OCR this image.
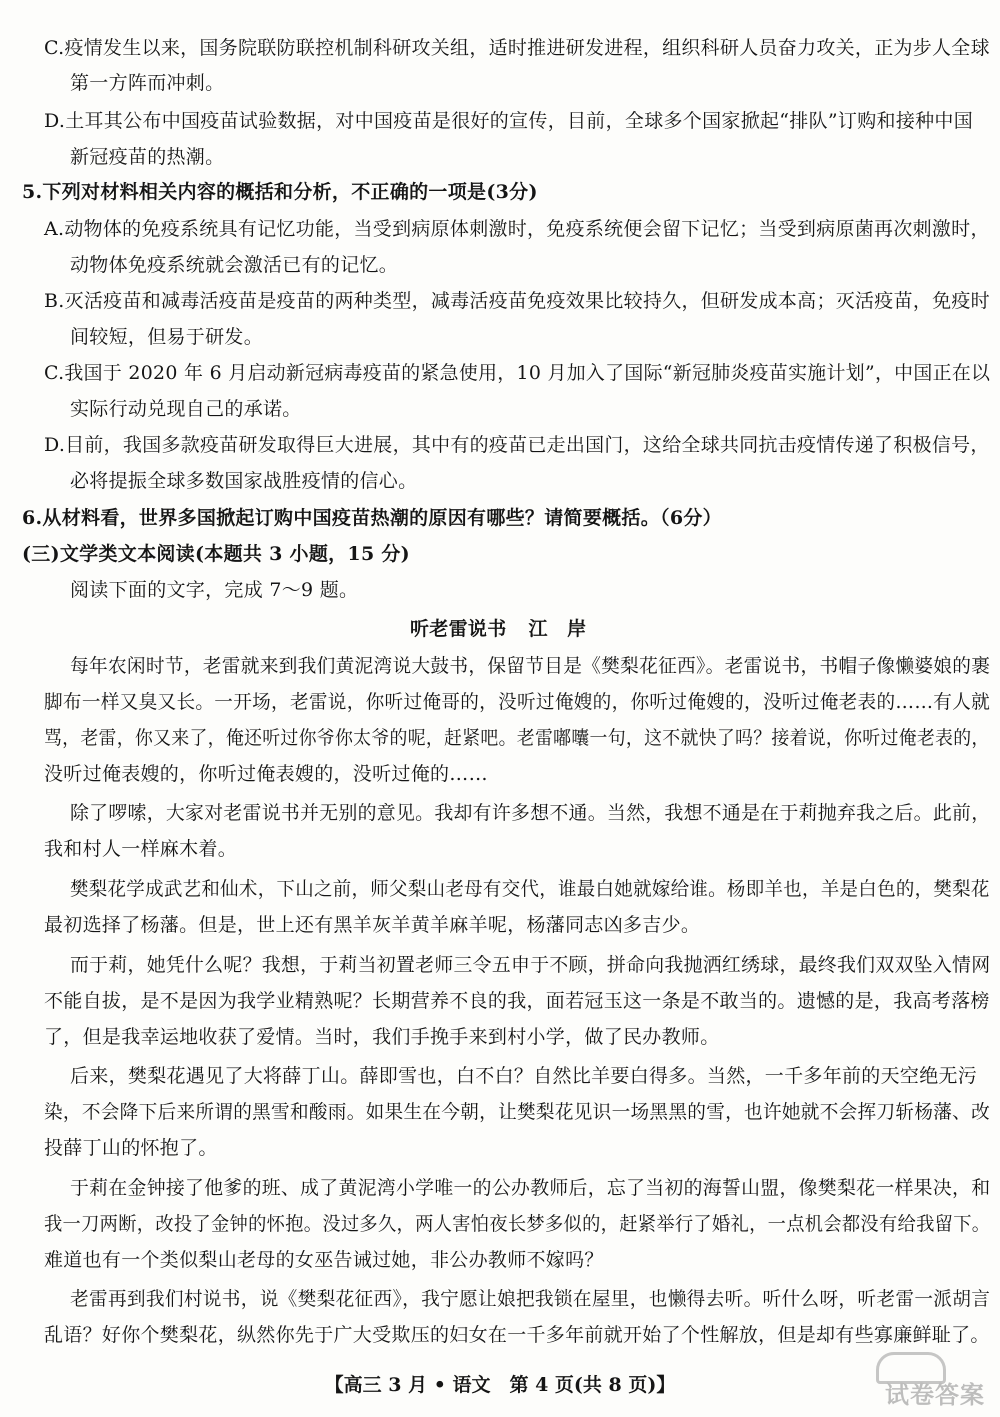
C.疫情发生以来，国务院联防联控机制科研攻关组，适时推进研发进程，组织科研人员奋力攻关，正为步人全球
第一方阵而冲刺。
D.土耳其公布中国疫苗试验数据，对中国疫苗是很好的宣传，目前，全球多个国家掀起“排队”订购和接种中国
新冠疫苗的热潮。
5.下列对材料相关内容的概括和分析，不正确的一项是(3分)
A.动物体的免疫系统具有记忆功能，当受到病原体刺激时，免疫系统便会留下记忆；当受到病原菌再次刺激时，
动物体免疫系统就会激活已有的记忆。
B.灭活疫苗和减毒活疫苗是疫苗的两种类型，减毒活疫苗免疫效果比较持久，但研发成本高；灭活疫苗，免疫时
间较短，但易于研发。
C.我国于 2020 年 6 月启动新冠病毒疫苗的紧急使用，10 月加入了国际“新冠肺炎疫苗实施计划”，中国正在以
实际行动兑现自己的承诺。
D.目前，我国多款疫苗研发取得巨大进展，其中有的疫苗已走出国门，这给全球共同抗击疫情传递了积极信号，
必将提振全球多数国家战胜疫情的信心。
6.从材料看，世界多国掀起订购中国疫苗热潮的原因有哪些？请简要概括。（6分）
(三)文学类文本阅读(本题共 3 小题，15 分)
阅读下面的文字，完成 7～9 题。
听老雷说书 江　岸
每年农闲时节，老雷就来到我们黄泥湾说大鼓书，保留节目是《樊梨花征西》。老雷说书，书帽子像懒婆娘的裹
脚布一样又臭又长。一开场，老雷说，你听过俺哥的，没听过俺嫂的，你听过俺嫂的，没听过俺老表的……有人就
骂，老雷，你又来了，俺还听过你爷你太爷的呢，赶紧吧。老雷嘟囔一句，这不就快了吗？接着说，你听过俺老表的，
没听过俺表嫂的，你听过俺表嫂的，没听过俺的……
除了啰嗦，大家对老雷说书并无别的意见。我却有许多想不通。当然，我想不通是在于莉抛弃我之后。此前，
我和村人一样麻木着。
樊梨花学成武艺和仙术，下山之前，师父梨山老母有交代，谁最白她就嫁给谁。杨即羊也，羊是白色的，樊梨花
最初选择了杨藩。但是，世上还有黑羊灰羊黄羊麻羊呢，杨藩同志凶多吉少。
而于莉，她凭什么呢？我想，于莉当初置老师三令五申于不顾，拼命向我抛洒红绣球，最终我们双双坠入情网
不能自拔，是不是因为我学业精熟呢？长期营养不良的我，面若冠玉这一条是不敢当的。遗憾的是，我高考落榜
了，但是我幸运地收获了爱情。当时，我们手挽手来到村小学，做了民办教师。
后来，樊梨花遇见了大将薛丁山。薛即雪也，白不白？自然比羊要白得多。当然，一千多年前的天空绝无污
染，不会降下后来所谓的黑雪和酸雨。如果生在今朝，让樊梨花见识一场黑黑的雪，也许她就不会挥刀斩杨藩、改
投薛丁山的怀抱了。
于莉在金钟接了他爹的班、成了黄泥湾小学唯一的公办教师后，忘了当初的海誓山盟，像樊梨花一样果决，和
我一刀两断，改投了金钟的怀抱。没过多久，两人害怕夜长梦多似的，赶紧举行了婚礼，一点机会都没有给我留下。
难道也有一个类似梨山老母的女巫告诫过她，非公办教师不嫁吗？
老雷再到我们村说书，说《樊梨花征西》，我宁愿让娘把我锁在屋里，也懒得去听。听什么呀，听老雷一派胡言
乱语？好你个樊梨花，纵然你先于广大受欺压的妇女在一千多年前就开始了个性解放，但是却有些寡廉鲜耻了。
【高三 3 月 • 语文　第 4 页(共 8 页)】	试卷答案
